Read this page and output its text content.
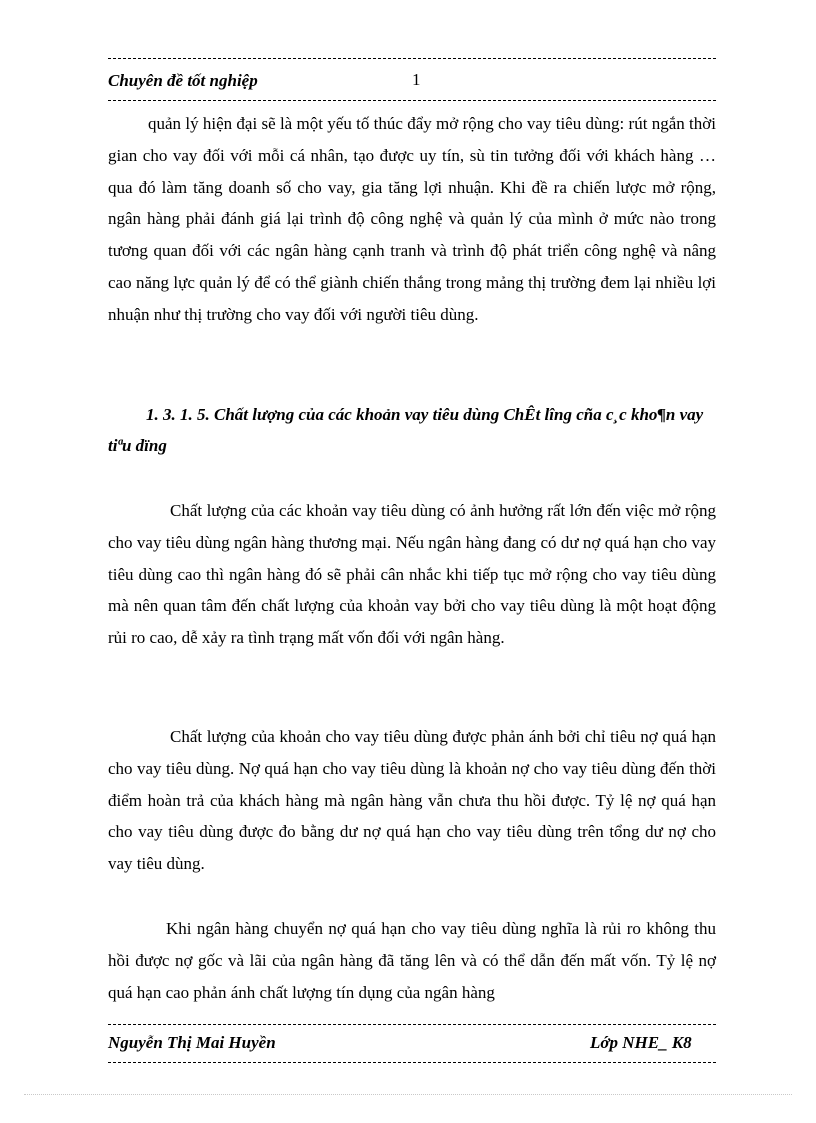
Chuyên đề tốt nghiệp	1

quản lý hiện đại sẽ là một yếu tố thúc đẩy mở rộng cho vay tiêu dùng: rút ngắn thời gian cho vay đối với mỗi cá nhân, tạo được uy tín, sù tin tưởng đối với khách hàng … qua đó làm tăng doanh số cho vay, gia tăng lợi nhuận. Khi đề ra chiến lược mở rộng, ngân hàng phải đánh giá lại trình độ công nghệ và quản lý của mình ở mức nào trong tương quan đối với các ngân hàng cạnh tranh và trình độ phát triển công nghệ và nâng cao năng lực quản lý để có thể giành chiến thắng trong mảng thị trường đem lại nhiều lợi nhuận như thị trường cho vay đối với người tiêu dùng.

1. 3. 1. 5. Chất lượng của các khoản vay tiêu dùng ChÊt lîng cña c¸c kho¶n vay tiªu dïng

Chất lượng của các khoản vay tiêu dùng có ảnh hưởng rất lớn đến việc mở rộng cho vay tiêu dùng ngân hàng thương mại. Nếu ngân hàng đang có dư nợ quá hạn cho vay tiêu dùng cao thì ngân hàng đó sẽ phải cân nhắc khi tiếp tục mở rộng cho vay tiêu dùng mà nên quan tâm đến chất lượng của khoản vay bởi cho vay tiêu dùng là một hoạt động rủi ro cao, dễ xảy ra tình trạng mất vốn đối với ngân hàng.

Chất lượng của khoản cho vay tiêu dùng được phản ánh bởi chỉ tiêu nợ quá hạn cho vay tiêu dùng. Nợ quá hạn cho vay tiêu dùng là khoản nợ cho vay tiêu dùng đến thời điểm hoàn trả của khách hàng mà ngân hàng vẫn chưa thu hồi được. Tỷ lệ nợ quá hạn cho vay tiêu dùng được đo bằng dư nợ quá hạn cho vay tiêu dùng trên tổng dư nợ cho vay tiêu dùng.

Khi ngân hàng chuyển nợ quá hạn cho vay tiêu dùng nghĩa là rủi ro không thu hồi được nợ gốc và lãi của ngân hàng đã tăng lên và có thể dẫn đến mất vốn. Tỷ lệ nợ quá hạn cao phản ánh chất lượng tín dụng của ngân hàng

Nguyễn Thị Mai Huyền	Lớp NHE_ K8
